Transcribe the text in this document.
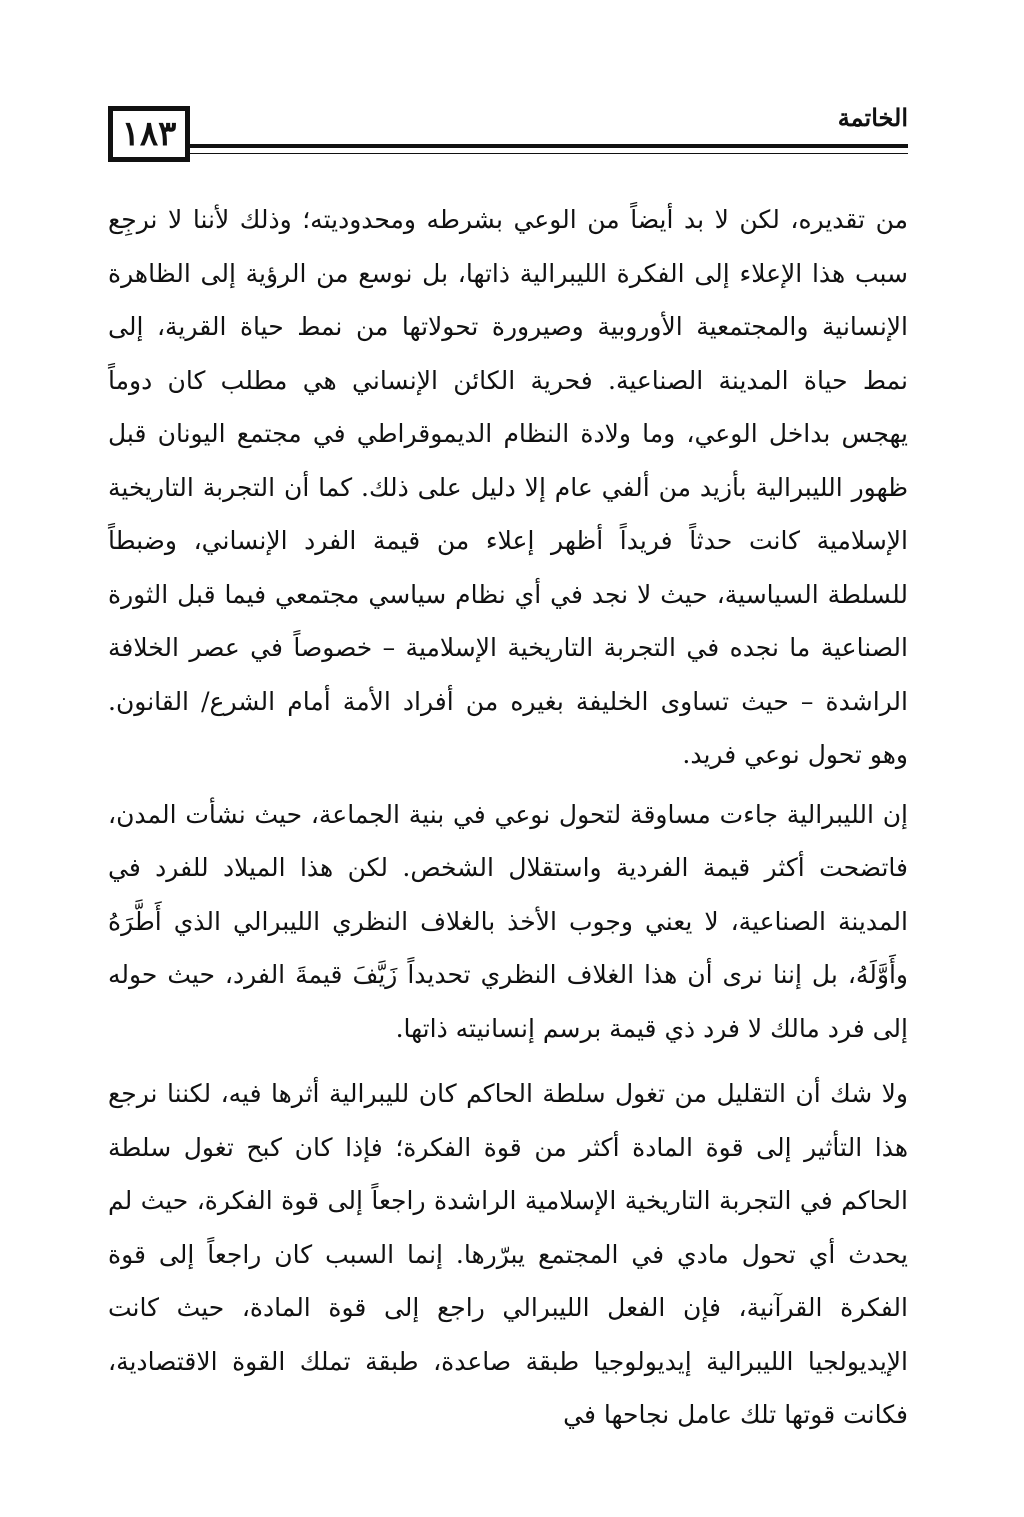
١٨٣	الخاتمة

من تقديره، لكن لا بد أيضاً من الوعي بشرطه ومحدوديته؛ وذلك لأننا لا نرجِع سبب هذا الإعلاء إلى الفكرة الليبرالية ذاتها، بل نوسع من الرؤية إلى الظاهرة الإنسانية والمجتمعية الأوروبية وصيرورة تحولاتها من نمط حياة القرية، إلى نمط حياة المدينة الصناعية. فحرية الكائن الإنساني هي مطلب كان دوماً يهجس بداخل الوعي، وما ولادة النظام الديموقراطي في مجتمع اليونان قبل ظهور الليبرالية بأزيد من ألفي عام إلا دليل على ذلك. كما أن التجربة التاريخية الإسلامية كانت حدثاً فريداً أظهر إعلاء من قيمة الفرد الإنساني، وضبطاً للسلطة السياسية، حيث لا نجد في أي نظام سياسي مجتمعي فيما قبل الثورة الصناعية ما نجده في التجربة التاريخية الإسلامية – خصوصاً في عصر الخلافة الراشدة – حيث تساوى الخليفة بغيره من أفراد الأمة أمام الشرع/ القانون. وهو تحول نوعي فريد.

إن الليبرالية جاءت مساوقة لتحول نوعي في بنية الجماعة، حيث نشأت المدن، فاتضحت أكثر قيمة الفردية واستقلال الشخص. لكن هذا الميلاد للفرد في المدينة الصناعية، لا يعني وجوب الأخذ بالغلاف النظري الليبرالي الذي أَطَّرَهُ وأَوَّلَهُ، بل إننا نرى أن هذا الغلاف النظري تحديداً زَيَّفَ قيمةَ الفرد، حيث حوله إلى فرد مالك لا فرد ذي قيمة برسم إنسانيته ذاتها.

ولا شك أن التقليل من تغول سلطة الحاكم كان لليبرالية أثرها فيه، لكننا نرجع هذا التأثير إلى قوة المادة أكثر من قوة الفكرة؛ فإذا كان كبح تغول سلطة الحاكم في التجربة التاريخية الإسلامية الراشدة راجعاً إلى قوة الفكرة، حيث لم يحدث أي تحول مادي في المجتمع يبرّرها. إنما السبب كان راجعاً إلى قوة الفكرة القرآنية، فإن الفعل الليبرالي راجع إلى قوة المادة، حيث كانت الإيديولجيا الليبرالية إيديولوجيا طبقة صاعدة، طبقة تملك القوة الاقتصادية، فكانت قوتها تلك عامل نجاحها في
